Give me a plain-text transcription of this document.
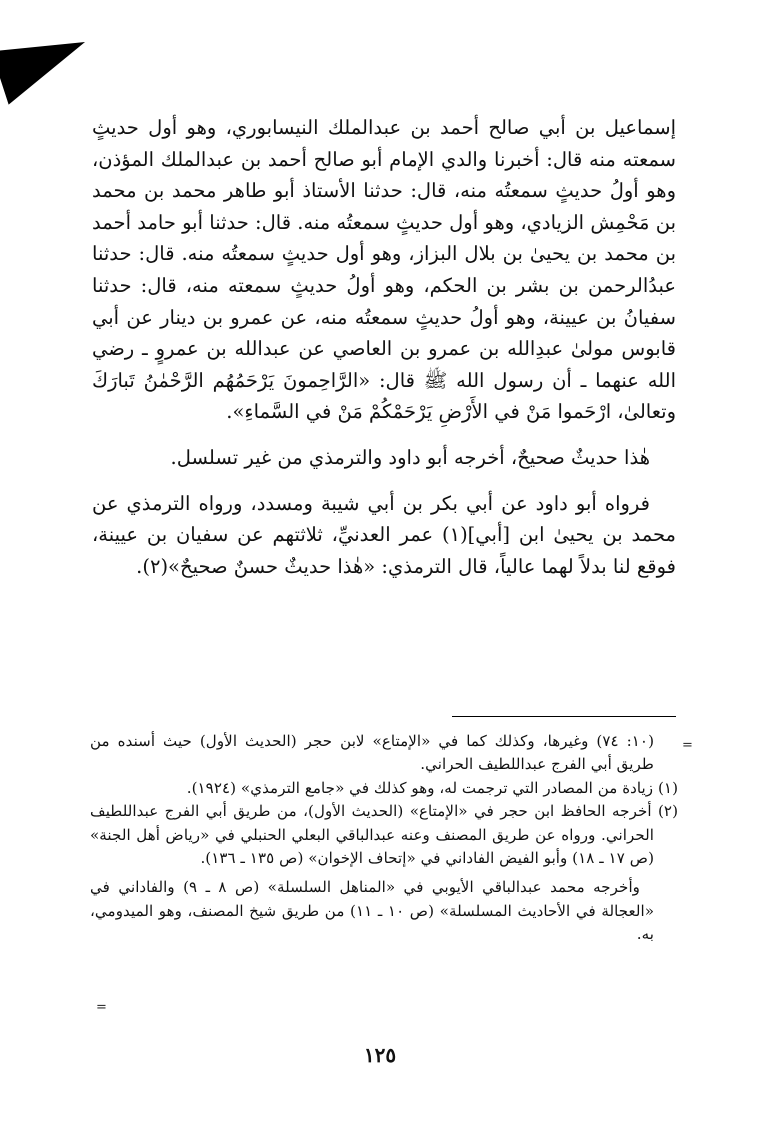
إسماعيل بن أبي صالح أحمد بن عبدالملك النيسابوري، وهو أول حديثٍ سمعته منه قال: أخبرنا والدي الإمام أبو صالح أحمد بن عبدالملك المؤذن، وهو أولُ حديثٍ سمعتُه منه، قال: حدثنا الأستاذ أبو طاهر محمد بن محمد بن مَحْمِش الزيادي، وهو أول حديثٍ سمعتُه منه. قال: حدثنا أبو حامد أحمد بن محمد بن يحيىٰ بن بلال البزاز، وهو أول حديثٍ سمعتُه منه. قال: حدثنا عبدُالرحمن بن بشر بن الحكم، وهو أولُ حديثٍ سمعته منه، قال: حدثنا سفيانُ بن عيينة، وهو أولُ حديثٍ سمعتُه منه، عن عمرو بن دينار عن أبي قابوس مولىٰ عبدِالله بن عمرو بن العاصي عن عبدالله بن عمروٍ ـ رضي الله عنهما ـ أن رسول الله ﷺ قال: «الرَّاحِمونَ يَرْحَمُهُم الرَّحْمٰنُ تَبارَكَ وتعالىٰ، ارْحَموا مَنْ في الأَرْضِ يَرْحَمْكُمْ مَنْ في السَّماءِ».

هٰذا حديثٌ صحيحٌ، أخرجه أبو داود والترمذي من غير تسلسل.

فرواه أبو داود عن أبي بكر بن أبي شيبة ومسدد، ورواه الترمذي عن محمد بن يحيىٰ ابن [أبي](١) عمر العدنيِّ، ثلاثتهم عن سفيان بن عيينة، فوقع لنا بدلاً لهما عالياً، قال الترمذي: «هٰذا حديثٌ حسنٌ صحيحٌ»(٢).

(١٠: ٧٤) وغيرها، وكذلك كما في «الإمتاع» لابن حجر (الحديث الأول) حيث أسنده من طريق أبي الفرج عبداللطيف الحراني.

(١) زيادة من المصادر التي ترجمت له، وهو كذلك في «جامع الترمذي» (١٩٢٤).

(٢) أخرجه الحافظ ابن حجر في «الإمتاع» (الحديث الأول)، من طريق أبي الفرج عبداللطيف الحراني. ورواه عن طريق المصنف وعنه عبدالباقي البعلي الحنبلي في «رياض أهل الجنة» (ص ١٧ ـ ١٨) وأبو الفيض الفاداني في «إتحاف الإخوان» (ص ١٣٥ ـ ١٣٦).

وأخرجه محمد عبدالباقي الأيوبي في «المناهل السلسلة» (ص ٨ ـ ٩) والفاداني في «العجالة في الأحاديث المسلسلة» (ص ١٠ ـ ١١) من طريق شيخ المصنف، وهو الميدومي، به.

=
=
١٢٥
